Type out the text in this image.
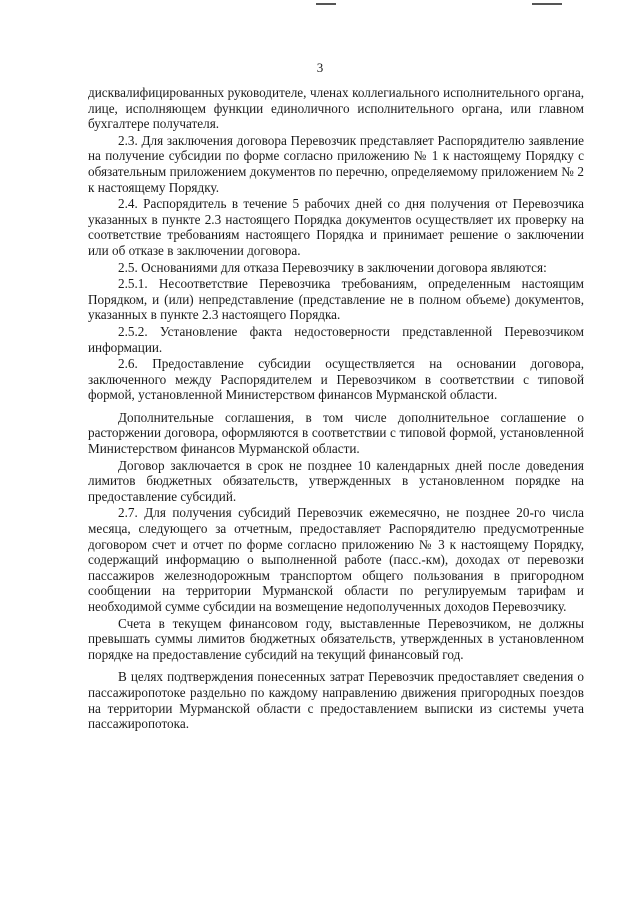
3

дисквалифицированных руководителе, членах коллегиального исполнительного органа, лице, исполняющем функции единоличного исполнительного органа, или главном бухгалтере получателя.

2.3. Для заключения договора Перевозчик представляет Распорядителю заявление на получение субсидии по форме согласно приложению № 1 к настоящему Порядку с обязательным приложением документов по перечню, определяемому приложением № 2 к настоящему Порядку.

2.4. Распорядитель в течение 5 рабочих дней со дня получения от Перевозчика указанных в пункте 2.3 настоящего Порядка документов осуществляет их проверку на соответствие требованиям настоящего Порядка и принимает решение о заключении или об отказе в заключении договора.

2.5. Основаниями для отказа Перевозчику в заключении договора являются:

2.5.1. Несоответствие Перевозчика требованиям, определенным настоящим Порядком, и (или) непредставление (представление не в полном объеме) документов, указанных в пункте 2.3 настоящего Порядка.

2.5.2. Установление факта недостоверности представленной Перевозчиком информации.

2.6. Предоставление субсидии осуществляется на основании договора, заключенного между Распорядителем и Перевозчиком в соответствии с типовой формой, установленной Министерством финансов Мурманской области.

Дополнительные соглашения, в том числе дополнительное соглашение о расторжении договора, оформляются в соответствии с типовой формой, установленной Министерством финансов Мурманской области.

Договор заключается в срок не позднее 10 календарных дней после доведения лимитов бюджетных обязательств, утвержденных в установленном порядке на предоставление субсидий.

2.7. Для получения субсидий Перевозчик ежемесячно, не позднее 20-го числа месяца, следующего за отчетным, предоставляет Распорядителю предусмотренные договором счет и отчет по форме согласно приложению № 3 к настоящему Порядку, содержащий информацию о выполненной работе (пасс.-км), доходах от перевозки пассажиров железнодорожным транспортом общего пользования в пригородном сообщении на территории Мурманской области по регулируемым тарифам и необходимой сумме субсидии на возмещение недополученных доходов Перевозчику.

Счета в текущем финансовом году, выставленные Перевозчиком, не должны превышать суммы лимитов бюджетных обязательств, утвержденных в установленном порядке на предоставление субсидий на текущий финансовый год.

В целях подтверждения понесенных затрат Перевозчик предоставляет сведения о пассажиропотоке раздельно по каждому направлению движения пригородных поездов на территории Мурманской области с предоставлением выписки из системы учета пассажиропотока.
